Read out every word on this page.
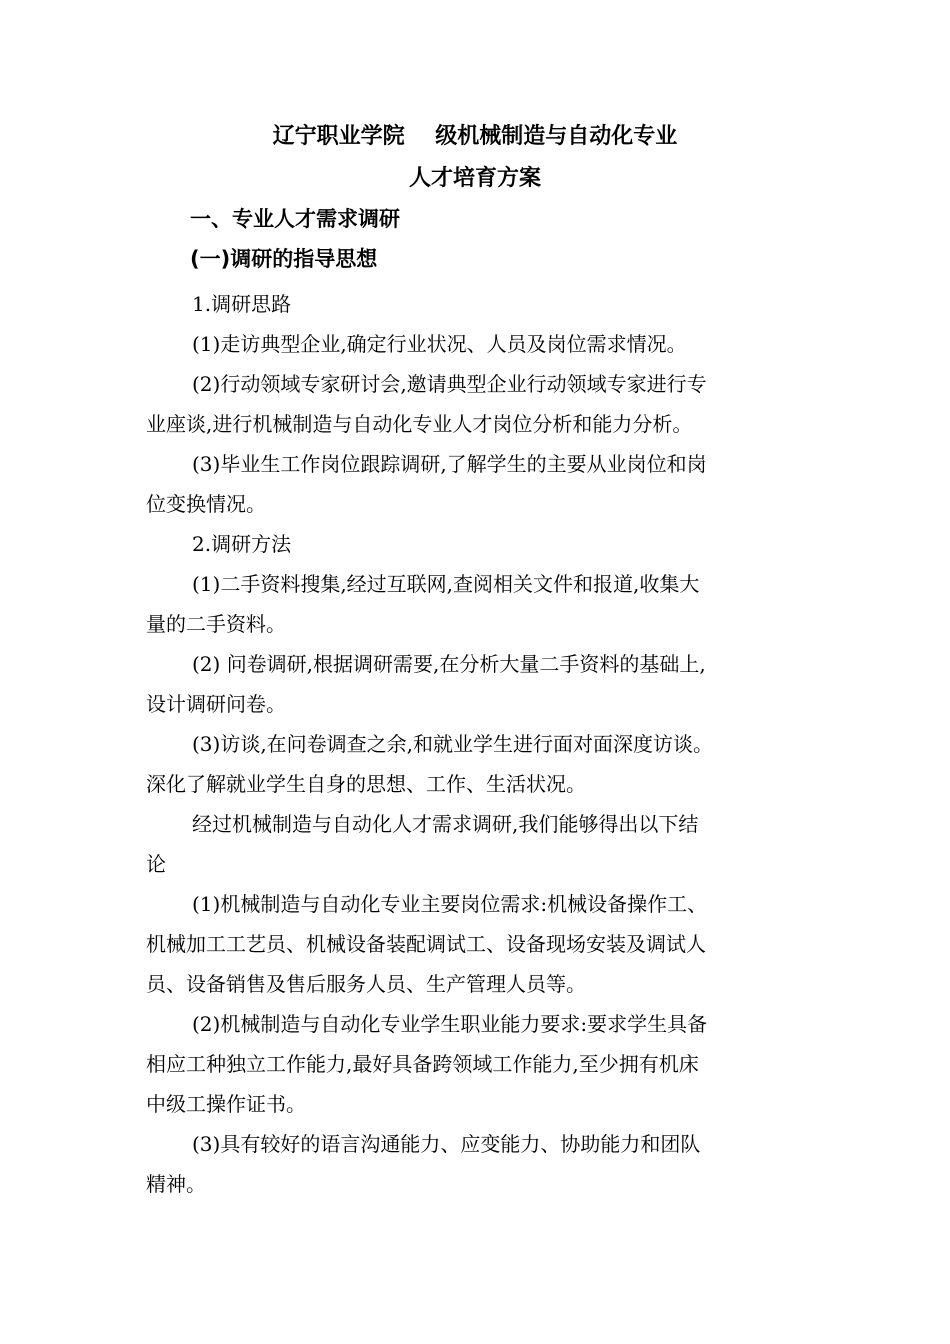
辽宁职业学院    级机械制造与自动化专业
人才培育方案
一、专业人才需求调研
(一)调研的指导思想
1.调研思路
(1)走访典型企业,确定行业状况、人员及岗位需求情况。
(2)行动领域专家研讨会,邀请典型企业行动领域专家进行专
业座谈,进行机械制造与自动化专业人才岗位分析和能力分析。
(3)毕业生工作岗位跟踪调研,了解学生的主要从业岗位和岗
位变换情况。
2.调研方法
(1)二手资料搜集,经过互联网,查阅相关文件和报道,收集大
量的二手资料。
(2) 问卷调研,根据调研需要,在分析大量二手资料的基础上,
设计调研问卷。
(3)访谈,在问卷调查之余,和就业学生进行面对面深度访谈。
深化了解就业学生自身的思想、工作、生活状况。
经过机械制造与自动化人才需求调研,我们能够得出以下结
论
(1)机械制造与自动化专业主要岗位需求:机械设备操作工、
机械加工工艺员、机械设备装配调试工、设备现场安装及调试人
员、设备销售及售后服务人员、生产管理人员等。
(2)机械制造与自动化专业学生职业能力要求:要求学生具备
相应工种独立工作能力,最好具备跨领域工作能力,至少拥有机床
中级工操作证书。
(3)具有较好的语言沟通能力、应变能力、协助能力和团队
精神。
